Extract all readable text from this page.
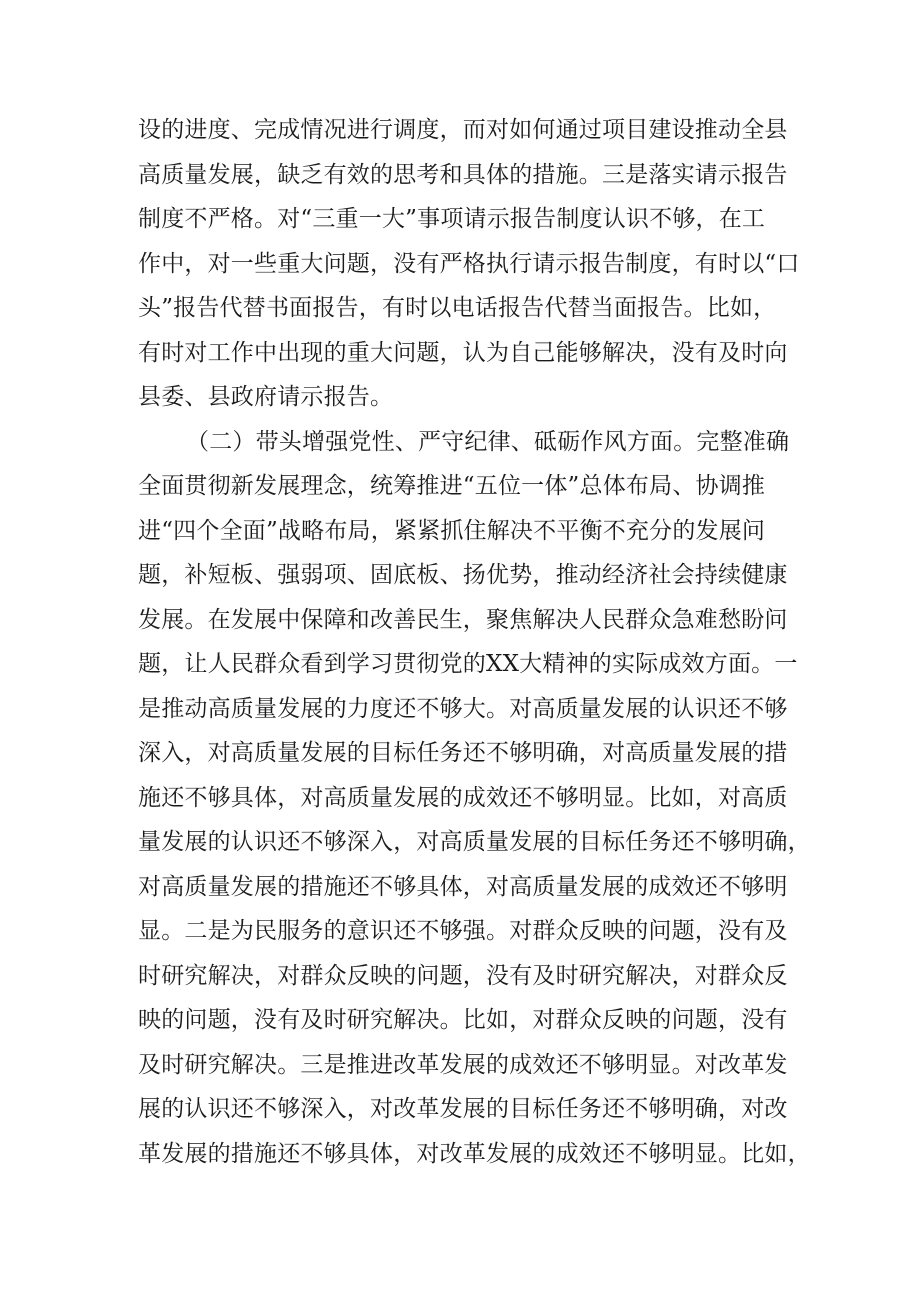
设的进度、完成情况进行调度，而对如何通过项目建设推动全县
高质量发展，缺乏有效的思考和具体的措施。三是落实请示报告
制度不严格。对“三重一大”事项请示报告制度认识不够，在工
作中，对一些重大问题，没有严格执行请示报告制度，有时以“口
头”报告代替书面报告，有时以电话报告代替当面报告。比如，
有时对工作中出现的重大问题，认为自己能够解决，没有及时向
县委、县政府请示报告。
（二）带头增强党性、严守纪律、砥砺作风方面。完整准确
全面贯彻新发展理念，统筹推进“五位一体”总体布局、协调推
进“四个全面”战略布局，紧紧抓住解决不平衡不充分的发展问
题，补短板、强弱项、固底板、扬优势，推动经济社会持续健康
发展。在发展中保障和改善民生，聚焦解决人民群众急难愁盼问
题，让人民群众看到学习贯彻党的XX大精神的实际成效方面。一
是推动高质量发展的力度还不够大。对高质量发展的认识还不够
深入，对高质量发展的目标任务还不够明确，对高质量发展的措
施还不够具体，对高质量发展的成效还不够明显。比如，对高质
量发展的认识还不够深入，对高质量发展的目标任务还不够明确，
对高质量发展的措施还不够具体，对高质量发展的成效还不够明
显。二是为民服务的意识还不够强。对群众反映的问题，没有及
时研究解决，对群众反映的问题，没有及时研究解决，对群众反
映的问题，没有及时研究解决。比如，对群众反映的问题，没有
及时研究解决。三是推进改革发展的成效还不够明显。对改革发
展的认识还不够深入，对改革发展的目标任务还不够明确，对改
革发展的措施还不够具体，对改革发展的成效还不够明显。比如，
